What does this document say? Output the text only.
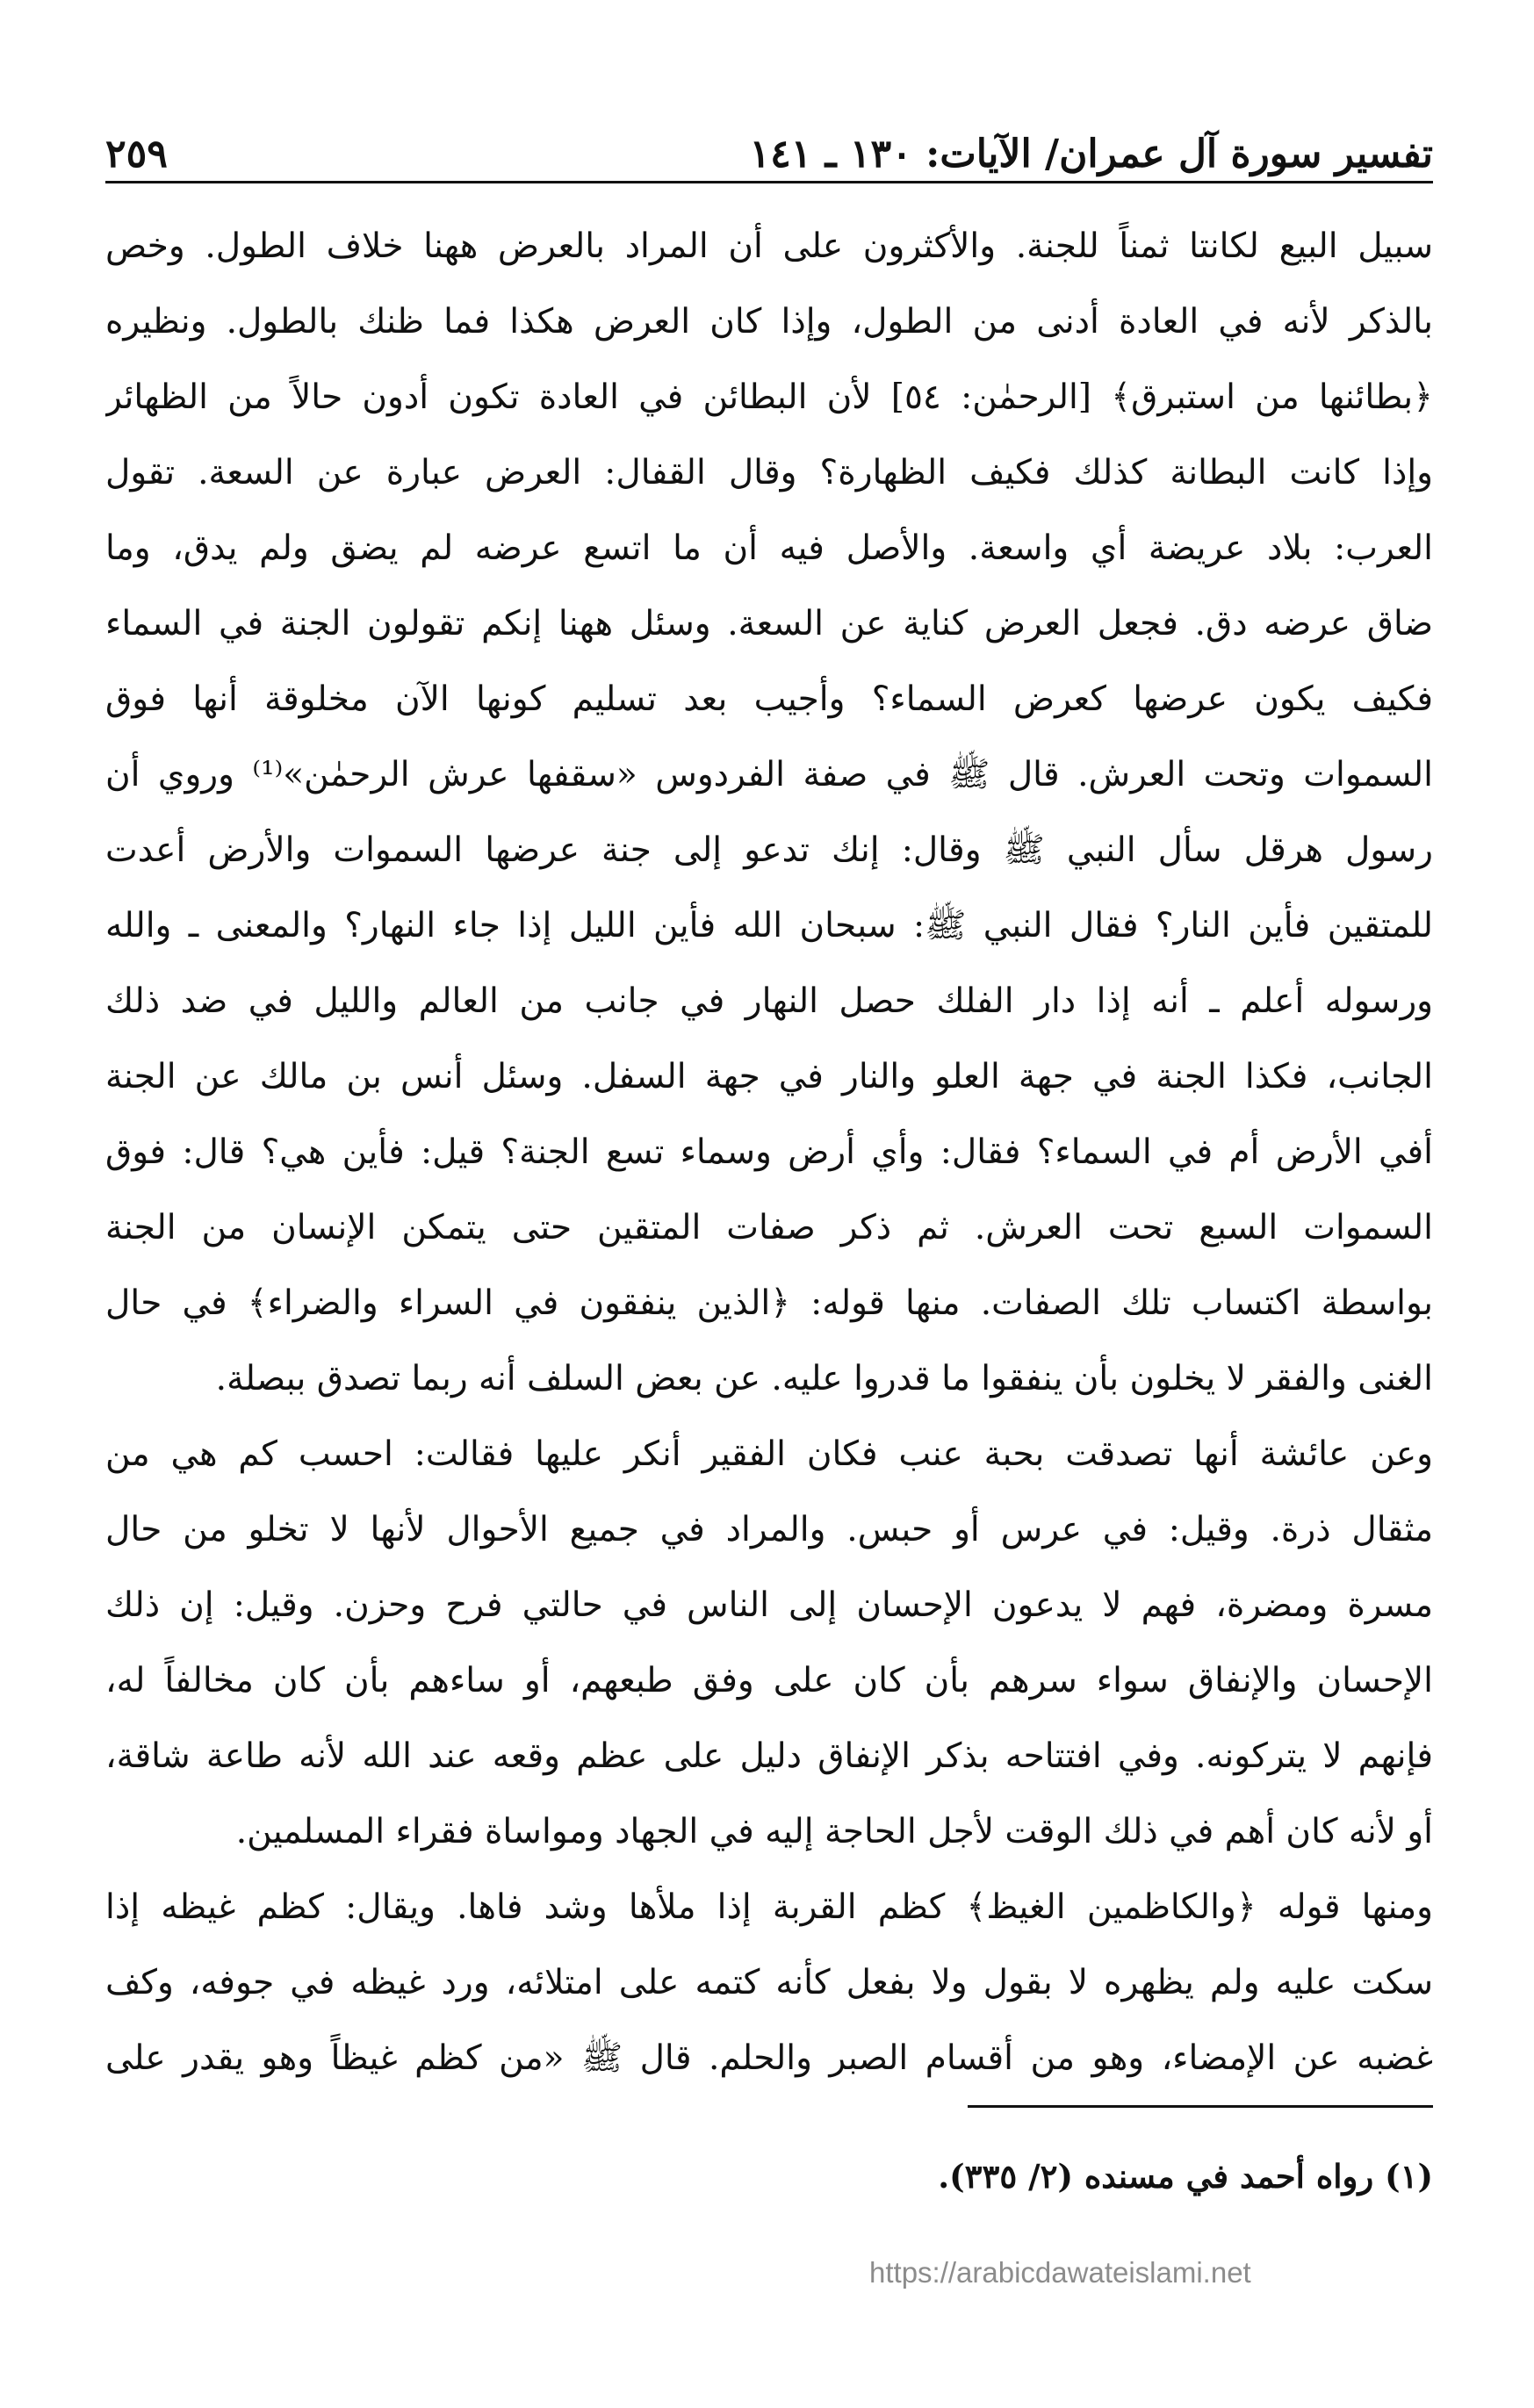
تفسير سورة آل عمران/ الآيات: ١٣٠ ـ ١٤١
٢٥٩
سبيل البيع لكانتا ثمناً للجنة. والأكثرون على أن المراد بالعرض ههنا خلاف الطول. وخص
بالذكر لأنه في العادة أدنى من الطول، وإذا كان العرض هكذا فما ظنك بالطول. ونظيره
﴿بطائنها من استبرق﴾ [الرحمٰن: ٥٤] لأن البطائن في العادة تكون أدون حالاً من الظهائر
وإذا كانت البطانة كذلك فكيف الظهارة؟ وقال القفال: العرض عبارة عن السعة. تقول
العرب: بلاد عريضة أي واسعة. والأصل فيه أن ما اتسع عرضه لم يضق ولم يدق، وما
ضاق عرضه دق. فجعل العرض كناية عن السعة. وسئل ههنا إنكم تقولون الجنة في السماء
فكيف يكون عرضها كعرض السماء؟ وأجيب بعد تسليم كونها الآن مخلوقة أنها فوق
السموات وتحت العرش. قال ﷺ في صفة الفردوس «سقفها عرش الرحمٰن»⁽¹⁾ وروي أن
رسول هرقل سأل النبي ﷺ وقال: إنك تدعو إلى جنة عرضها السموات والأرض أعدت
للمتقين فأين النار؟ فقال النبي ﷺ: سبحان الله فأين الليل إذا جاء النهار؟ والمعنى ـ والله
ورسوله أعلم ـ أنه إذا دار الفلك حصل النهار في جانب من العالم والليل في ضد ذلك
الجانب، فكذا الجنة في جهة العلو والنار في جهة السفل. وسئل أنس بن مالك عن الجنة
أفي الأرض أم في السماء؟ فقال: وأي أرض وسماء تسع الجنة؟ قيل: فأين هي؟ قال: فوق
السموات السبع تحت العرش. ثم ذكر صفات المتقين حتى يتمكن الإنسان من الجنة
بواسطة اكتساب تلك الصفات. منها قوله: ﴿الذين ينفقون في السراء والضراء﴾ في حال
الغنى والفقر لا يخلون بأن ينفقوا ما قدروا عليه. عن بعض السلف أنه ربما تصدق ببصلة.
وعن عائشة أنها تصدقت بحبة عنب فكان الفقير أنكر عليها فقالت: احسب كم هي من
مثقال ذرة. وقيل: في عرس أو حبس. والمراد في جميع الأحوال لأنها لا تخلو من حال
مسرة ومضرة، فهم لا يدعون الإحسان إلى الناس في حالتي فرح وحزن. وقيل: إن ذلك
الإحسان والإنفاق سواء سرهم بأن كان على وفق طبعهم، أو ساءهم بأن كان مخالفاً له،
فإنهم لا يتركونه. وفي افتتاحه بذكر الإنفاق دليل على عظم وقعه عند الله لأنه طاعة شاقة،
أو لأنه كان أهم في ذلك الوقت لأجل الحاجة إليه في الجهاد ومواساة فقراء المسلمين.
ومنها قوله ﴿والكاظمين الغيظ﴾ كظم القربة إذا ملأها وشد فاها. ويقال: كظم غيظه إذا
سكت عليه ولم يظهره لا بقول ولا بفعل كأنه كتمه على امتلائه، ورد غيظه في جوفه، وكف
غضبه عن الإمضاء، وهو من أقسام الصبر والحلم. قال ﷺ «من كظم غيظاً وهو يقدر على
(١) رواه أحمد في مسنده (٢/ ٣٣٥).
https://arabicdawateislami.net
